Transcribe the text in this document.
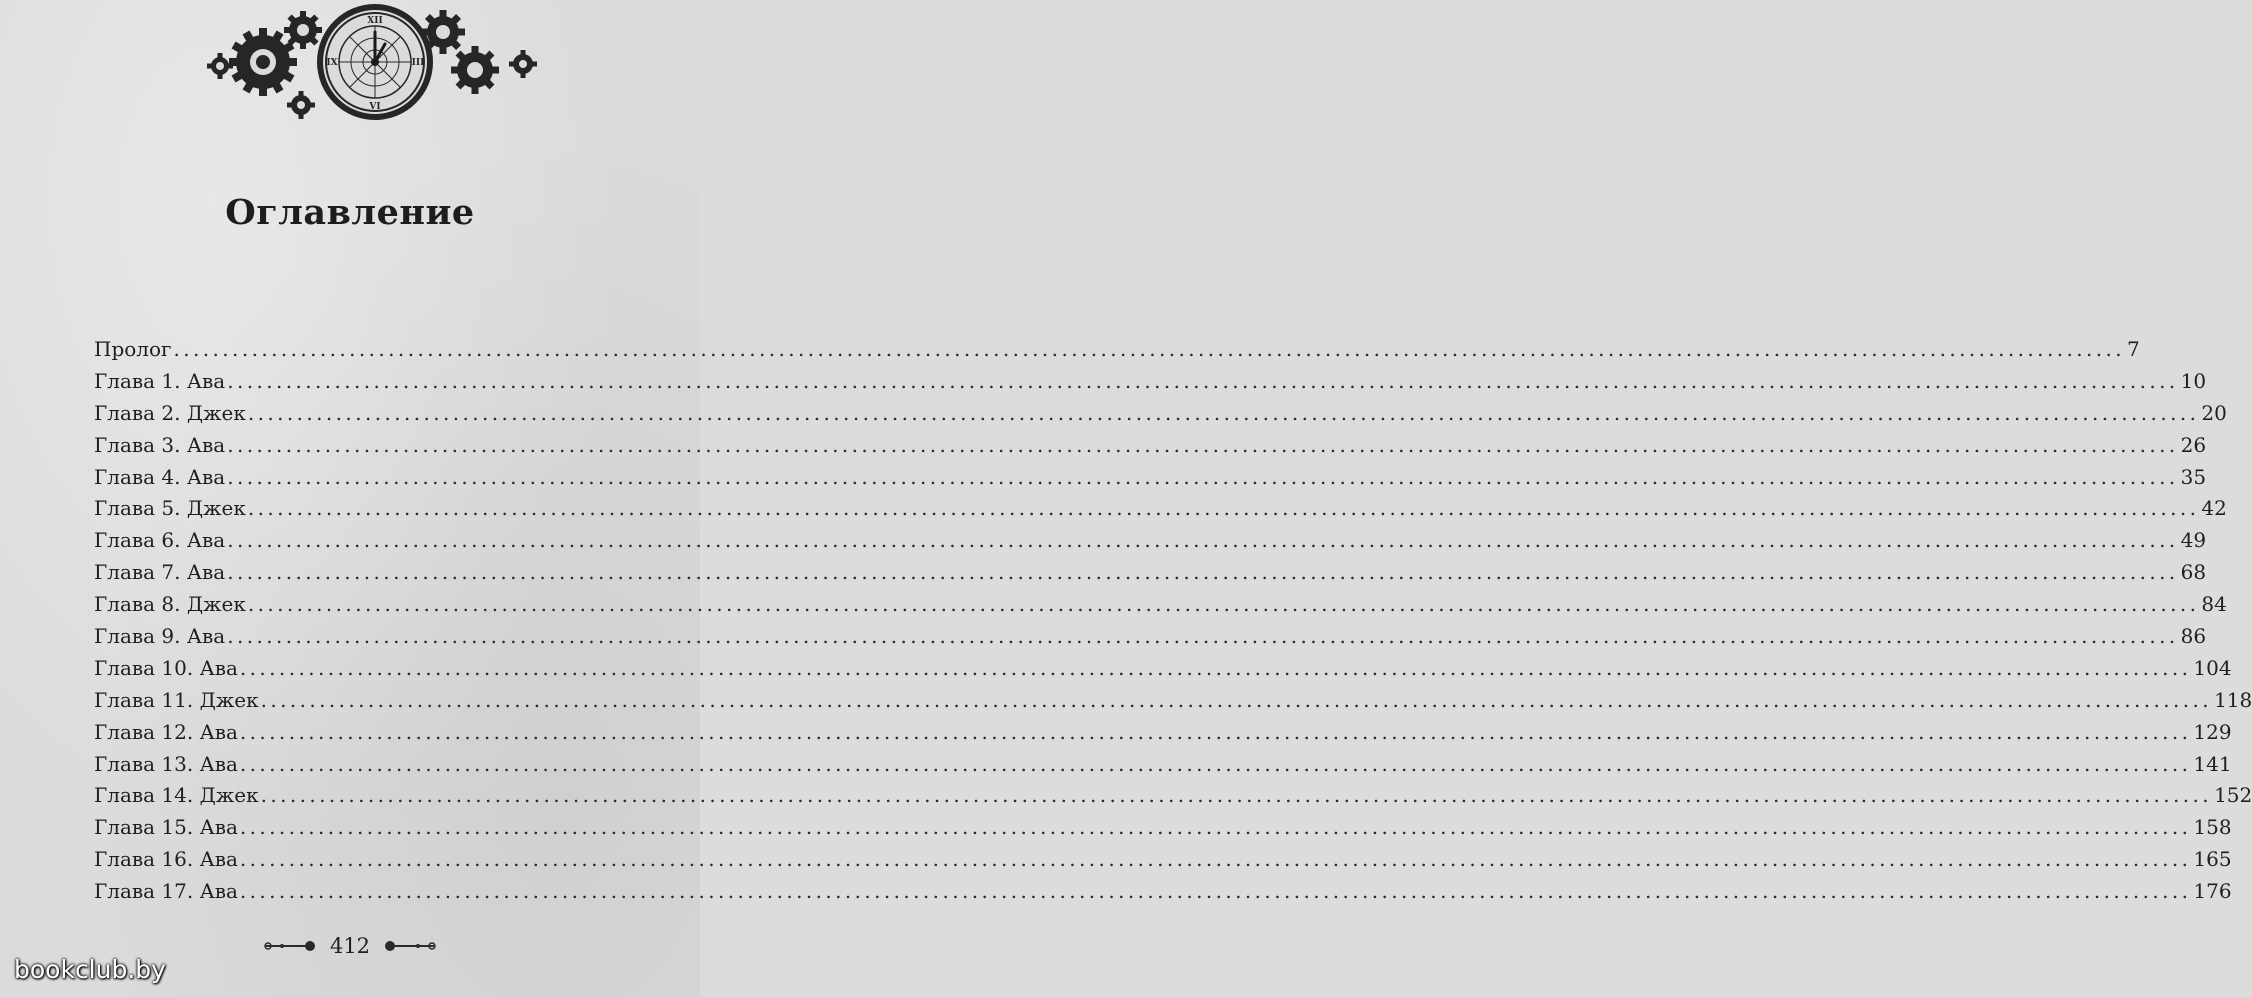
XII
VI
IX	III
Оглавление
Пролог ........................................................................................................................................................................................................ 7
Глава 1. Ава ........................................................................................................................................................................................................ 10
Глава 2. Джек ........................................................................................................................................................................................................ 20
Глава 3. Ава ........................................................................................................................................................................................................ 26
Глава 4. Ава ........................................................................................................................................................................................................ 35
Глава 5. Джек ........................................................................................................................................................................................................ 42
Глава 6. Ава ........................................................................................................................................................................................................ 49
Глава 7. Ава ........................................................................................................................................................................................................ 68
Глава 8. Джек ........................................................................................................................................................................................................ 84
Глава 9. Ава ........................................................................................................................................................................................................ 86
Глава 10. Ава ........................................................................................................................................................................................................ 104
Глава 11. Джек ........................................................................................................................................................................................................ 118
Глава 12. Ава ........................................................................................................................................................................................................ 129
Глава 13. Ава ........................................................................................................................................................................................................ 141
Глава 14. Джек ........................................................................................................................................................................................................ 152
Глава 15. Ава ........................................................................................................................................................................................................ 158
Глава 16. Ава ........................................................................................................................................................................................................ 165
Глава 17. Ава ........................................................................................................................................................................................................ 176
412
bookclub.by
